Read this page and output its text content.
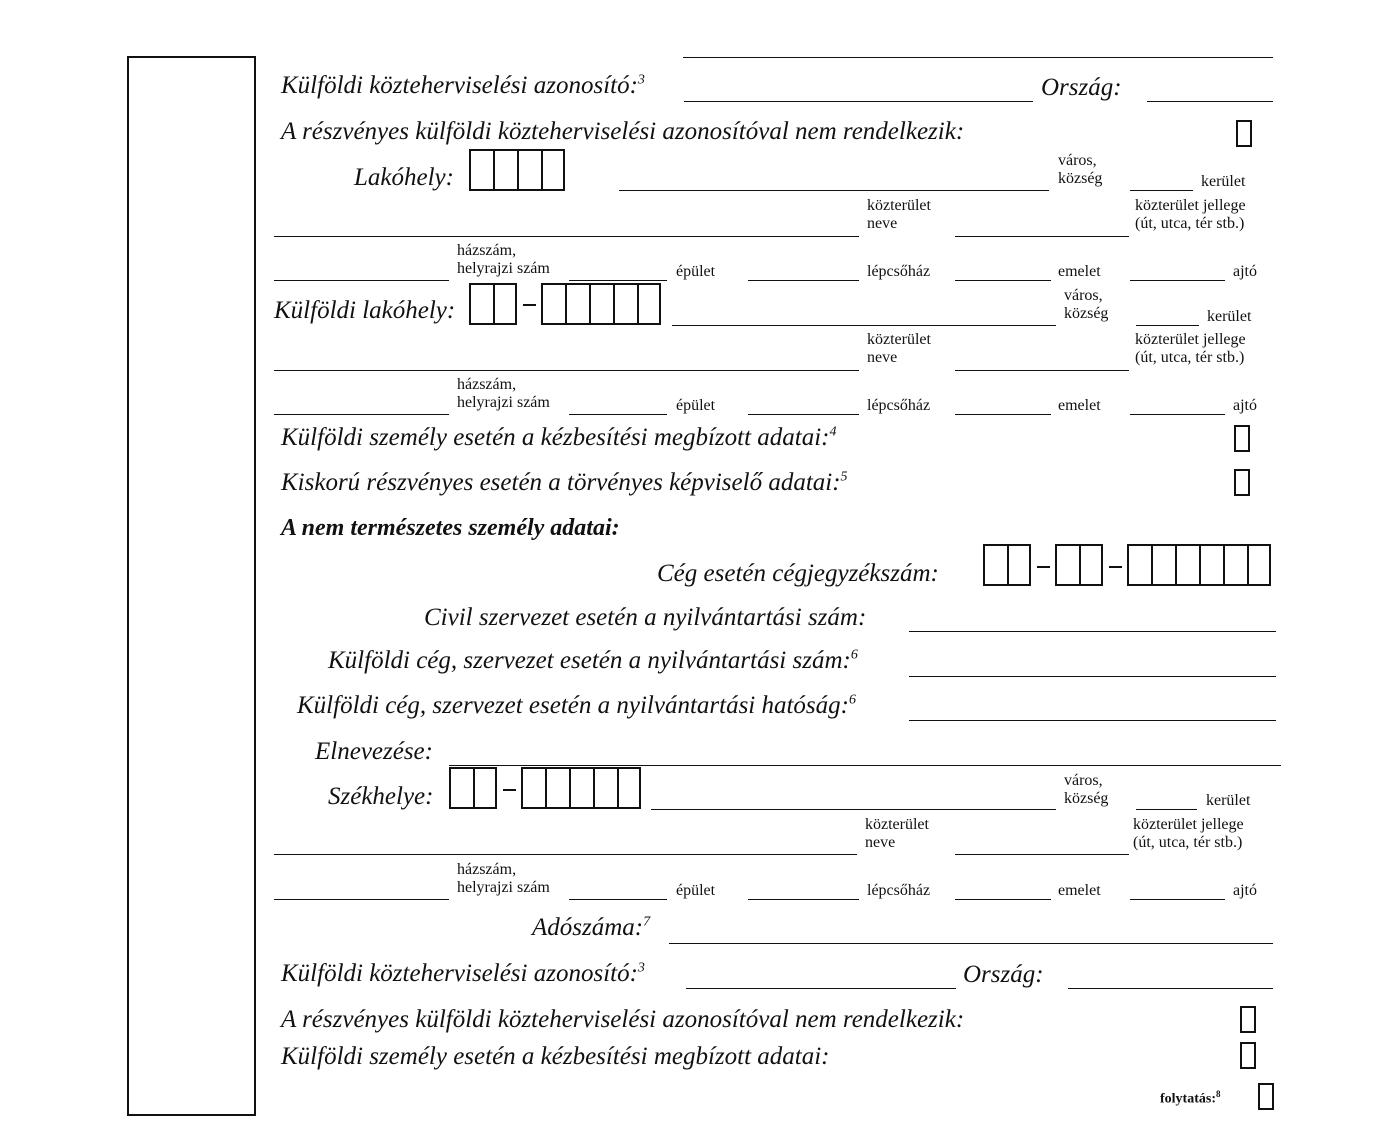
Külföldi közteherviselési azonosító:$^3$	Ország:
A részvényes külföldi közteherviselési azonosítóval nem rendelkezik:
Lakóhely:
város,
község	kerület
közterület
neve
közterület jellege
(út, utca, tér stb.)
házszám,
helyrajzi szám	épület	lépcsőház	emelet	ajtó
Külföldi lakóhely:
város,
község	kerület
közterület
neve
közterület jellege
(út, utca, tér stb.)
házszám,
helyrajzi szám	épület	lépcsőház	emelet	ajtó
Külföldi személy esetén a kézbesítési megbízott adatai:$^4$
Kiskorú részvényes esetén a törvényes képviselő adatai:$^5$
A nem természetes személy adatai:
Cég esetén cégjegyzékszám:
Civil szervezet esetén a nyilvántartási szám:
Külföldi cég, szervezet esetén a nyilvántartási szám:$^6$
Külföldi cég, szervezet esetén a nyilvántartási hatóság:$^6$
Elnevezése:
Székhelye:
város,
község	kerület
közterület
neve
közterület jellege
(út, utca, tér stb.)
házszám,
helyrajzi szám	épület	lépcsőház	emelet	ajtó
Adószáma:$^7$
Külföldi közteherviselési azonosító:$^3$	Ország:
A részvényes külföldi közteherviselési azonosítóval nem rendelkezik:
Külföldi személy esetén a kézbesítési megbízott adatai:
folytatás:$^8$
